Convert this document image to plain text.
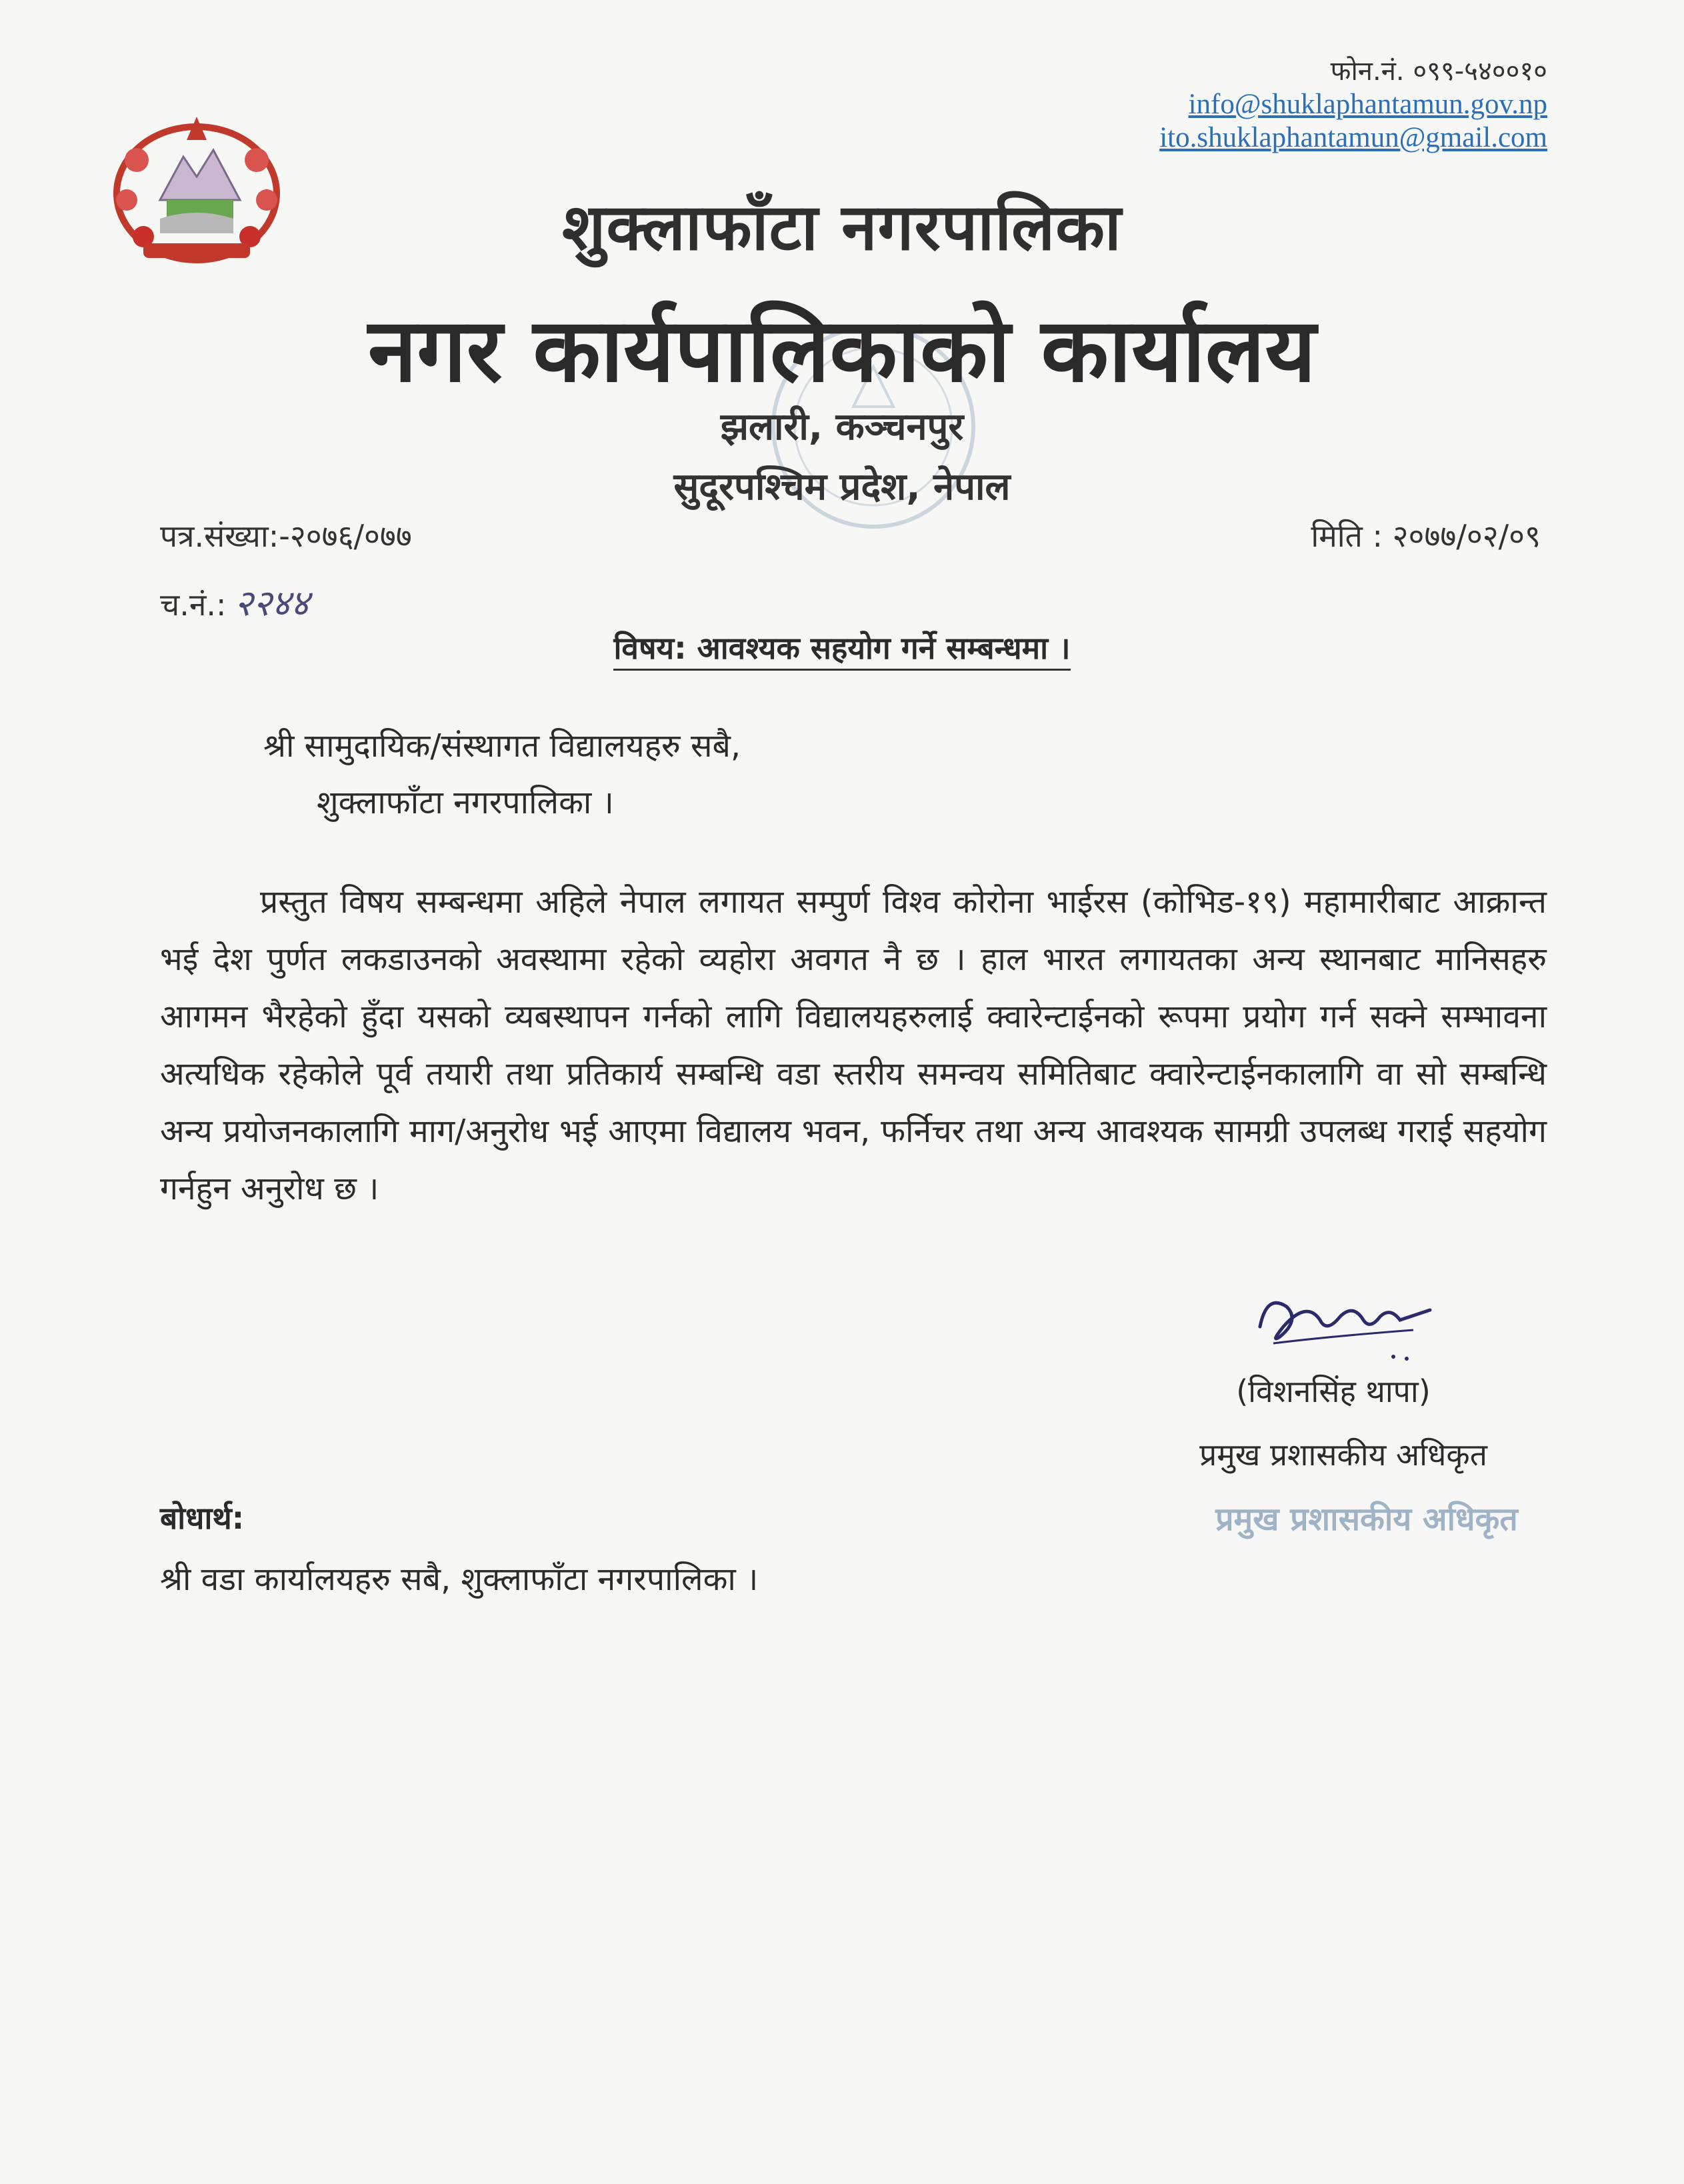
फोन.नं. ०९९-५४००१०
info@shuklaphantamun.gov.np
ito.shuklaphantamun@gmail.com
शुक्लाफाँटा नगरपालिका
नगर कार्यपालिकाको कार्यालय
झलारी, कञ्चनपुर
सुदूरपश्चिम प्रदेश, नेपाल
पत्र.संख्या:-२०७६/०७७	मिति : २०७७/०२/०९
च.नं.: २२४४
विषय: आवश्यक सहयोग गर्ने सम्बन्धमा ।
श्री सामुदायिक/संस्थागत विद्यालयहरु सबै,
शुक्लाफाँटा नगरपालिका ।
प्रस्तुत विषय सम्बन्धमा अहिले नेपाल लगायत सम्पुर्ण विश्व कोरोना भाईरस (कोभिड-१९) महामारीबाट आक्रान्त भई देश पुर्णत लकडाउनको अवस्थामा रहेको व्यहोरा अवगत नै छ । हाल भारत लगायतका अन्य स्थानबाट मानिसहरु आगमन भैरहेको हुँदा यसको व्यबस्थापन गर्नको लागि विद्यालयहरुलाई क्वारेन्टाईनको रूपमा प्रयोग गर्न सक्ने सम्भावना अत्यधिक रहेकोले पूर्व तयारी तथा प्रतिकार्य सम्बन्धि वडा स्तरीय समन्वय समितिबाट क्वारेन्टाईनकालागि वा सो सम्बन्धि अन्य प्रयोजनकालागि माग/अनुरोध भई आएमा विद्यालय भवन, फर्निचर तथा अन्य आवश्यक सामग्री उपलब्ध गराई सहयोग गर्नहुन अनुरोध छ ।
(विशनसिंह थापा)
प्रमुख प्रशासकीय अधिकृत
प्रमुख प्रशासकीय अधिकृत
बोधार्थ:
श्री वडा कार्यालयहरु सबै, शुक्लाफाँटा नगरपालिका ।
